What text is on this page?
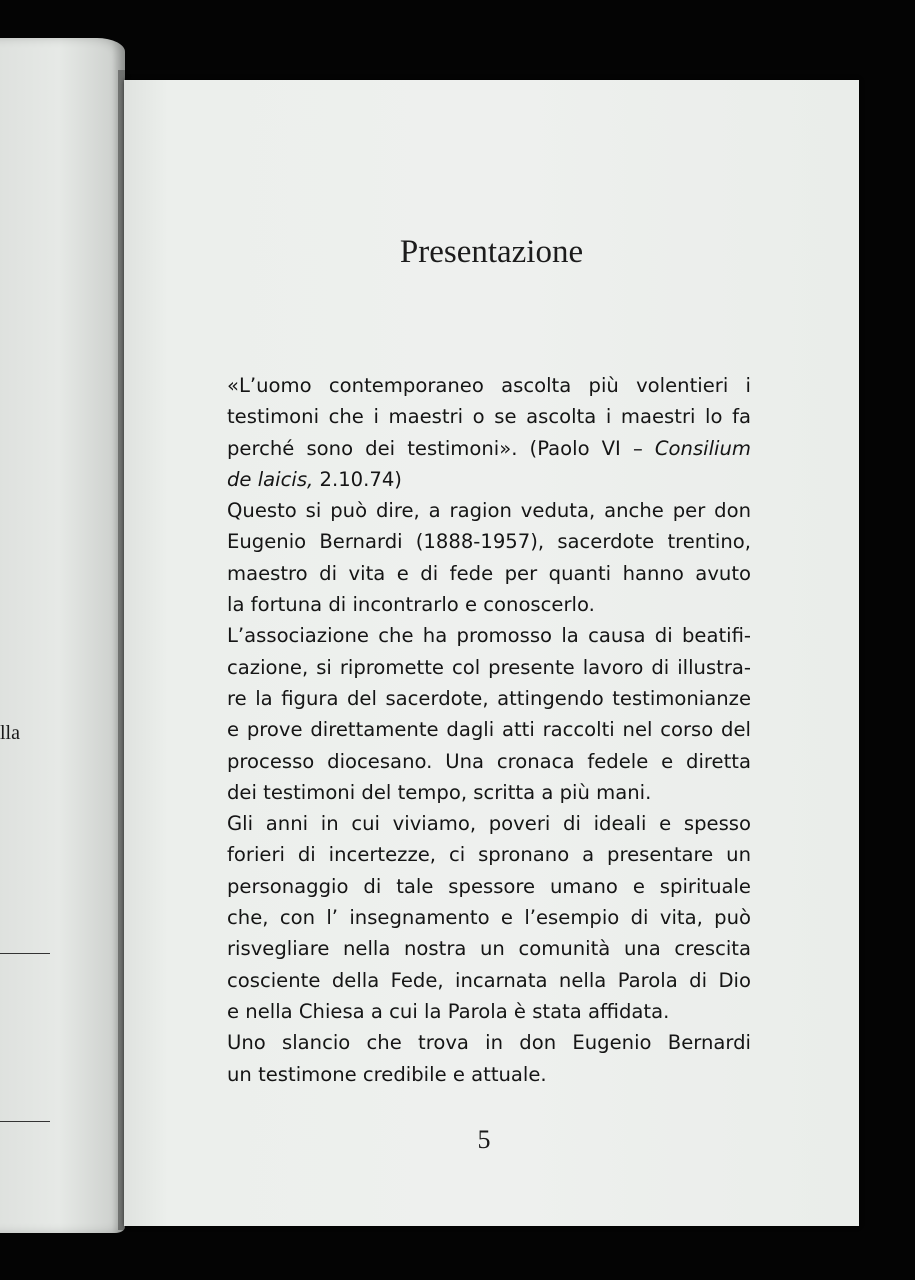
lla
Presentazione
«L’uomo contemporaneo ascolta più volentieri i
testimoni che i maestri o se ascolta i maestri lo fa
perché sono dei testimoni». (Paolo VI – Consilium
de laicis, 2.10.74)
Questo si può dire, a ragion veduta, anche per don
Eugenio Bernardi (1888-1957), sacerdote trentino,
maestro di vita e di fede per quanti hanno avuto
la fortuna di incontrarlo e conoscerlo.
L’associazione che ha promosso la causa di beatifi-
cazione, si ripromette col presente lavoro di illustra-
re la figura del sacerdote, attingendo testimonianze
e prove direttamente dagli atti raccolti nel corso del
processo diocesano. Una cronaca fedele e diretta
dei testimoni del tempo, scritta a più mani.
Gli anni in cui viviamo, poveri di ideali e spesso
forieri di incertezze, ci spronano a presentare un
personaggio di tale spessore umano e spirituale
che, con l’ insegnamento e l’esempio di vita, può
risvegliare nella nostra un comunità una crescita
cosciente della Fede, incarnata nella Parola di Dio
e nella Chiesa a cui la Parola è stata affidata.
Uno slancio che trova in don Eugenio Bernardi
un testimone credibile e attuale.
5
